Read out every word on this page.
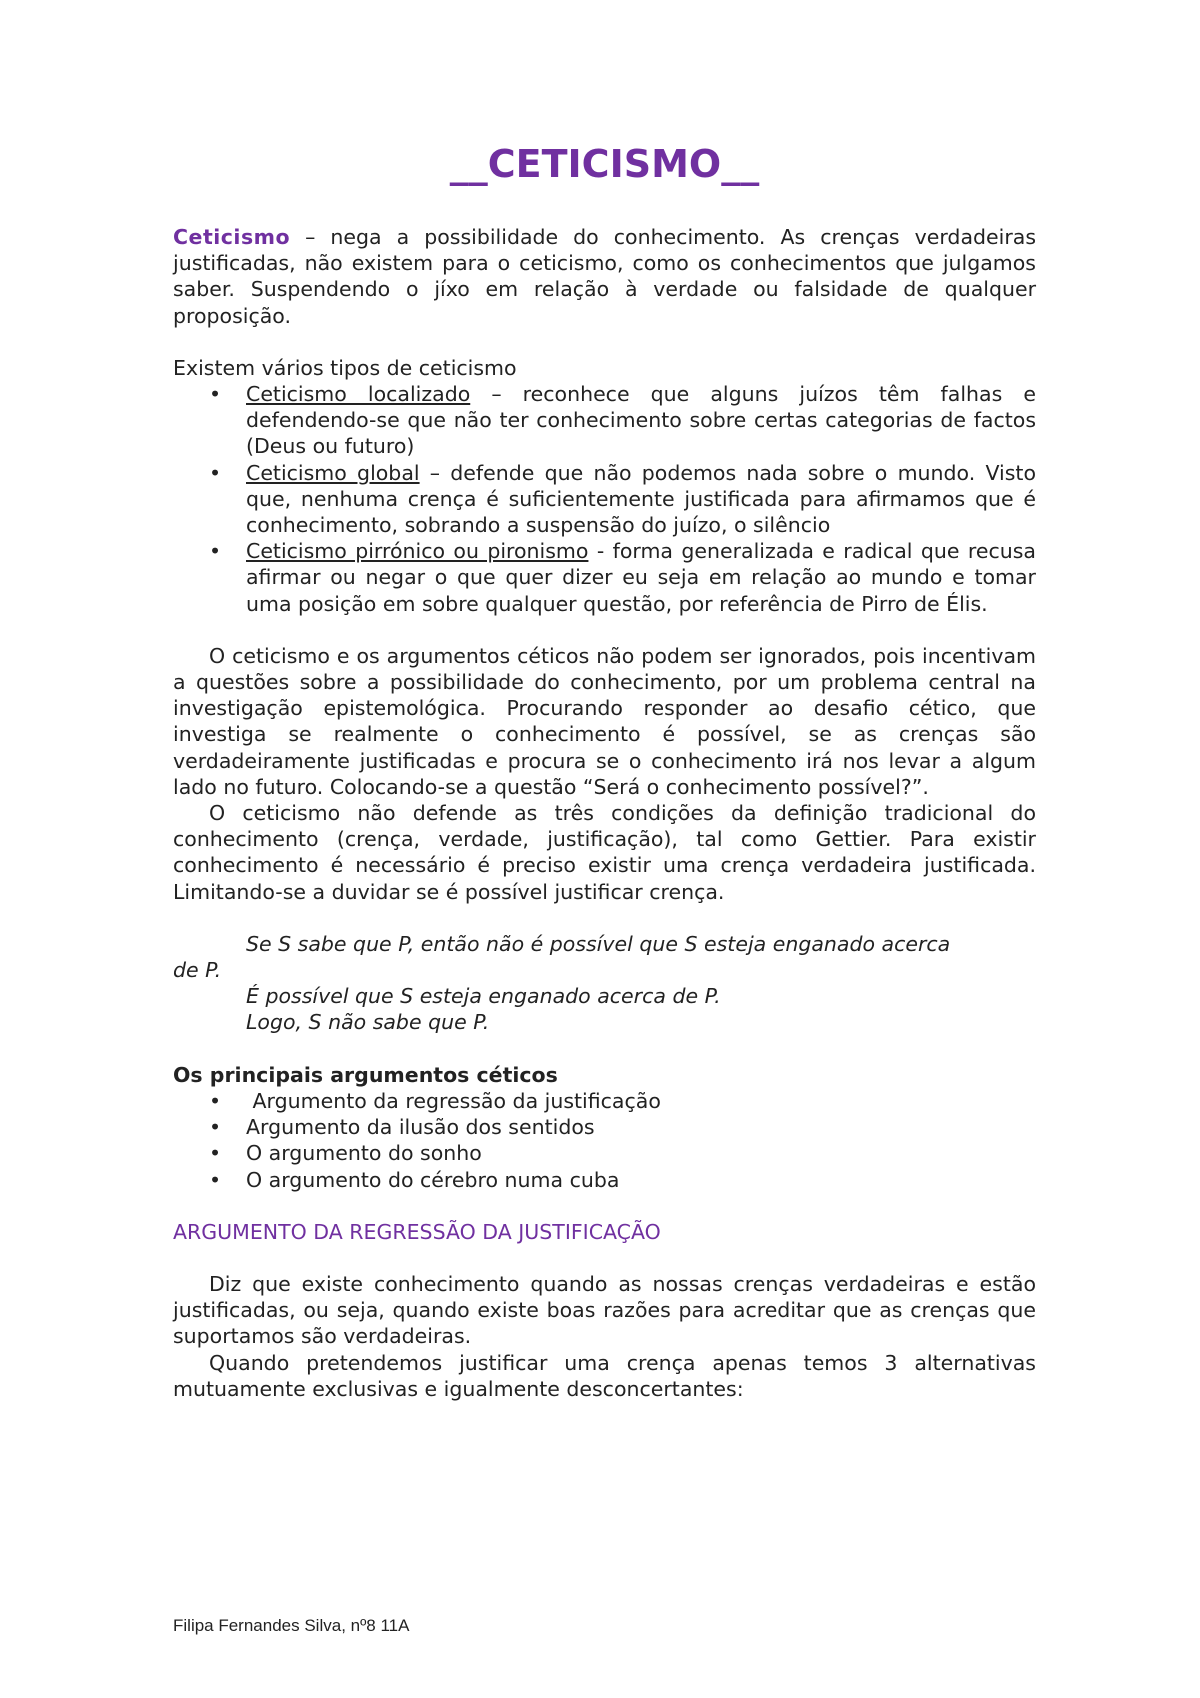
__CETICISMO__

Ceticismo – nega a possibilidade do conhecimento. As crenças verdadeiras justificadas, não existem para o ceticismo, como os conhecimentos que julgamos saber. Suspendendo o jíxo em relação à verdade ou falsidade de qualquer proposição.

Existem vários tipos de ceticismo

• Ceticismo localizado – reconhece que alguns juízos têm falhas e defendendo-se que não ter conhecimento sobre certas categorias de factos (Deus ou futuro)
• Ceticismo global – defende que não podemos nada sobre o mundo. Visto que, nenhuma crença é suficientemente justificada para afirmamos que é conhecimento, sobrando a suspensão do juízo, o silêncio
• Ceticismo pirrónico ou pironismo - forma generalizada e radical que recusa afirmar ou negar o que quer dizer eu seja em relação ao mundo e tomar uma posição em sobre qualquer questão, por referência de Pirro de Élis.

O ceticismo e os argumentos céticos não podem ser ignorados, pois incentivam a questões sobre a possibilidade do conhecimento, por um problema central na investigação epistemológica. Procurando responder ao desafio cético, que investiga se realmente o conhecimento é possível, se as crenças são verdadeiramente justificadas e procura se o conhecimento irá nos levar a algum lado no futuro. Colocando-se a questão “Será o conhecimento possível?”.

O ceticismo não defende as três condições da definição tradicional do conhecimento (crença, verdade, justificação), tal como Gettier. Para existir conhecimento é necessário é preciso existir uma crença verdadeira justificada. Limitando-se a duvidar se é possível justificar crença.

Se S sabe que P, então não é possível que S esteja enganado acerca

de P.

É possível que S esteja enganado acerca de P.

Logo, S não sabe que P.

Os principais argumentos céticos

• Argumento da regressão da justificação
• Argumento da ilusão dos sentidos
• O argumento do sonho
• O argumento do cérebro numa cuba

ARGUMENTO DA REGRESSÃO DA JUSTIFICAÇÃO

Diz que existe conhecimento quando as nossas crenças verdadeiras e estão justificadas, ou seja, quando existe boas razões para acreditar que as crenças que suportamos são verdadeiras.

Quando pretendemos justificar uma crença apenas temos 3 alternativas mutuamente exclusivas e igualmente desconcertantes:

Filipa Fernandes Silva, nº8 11A
